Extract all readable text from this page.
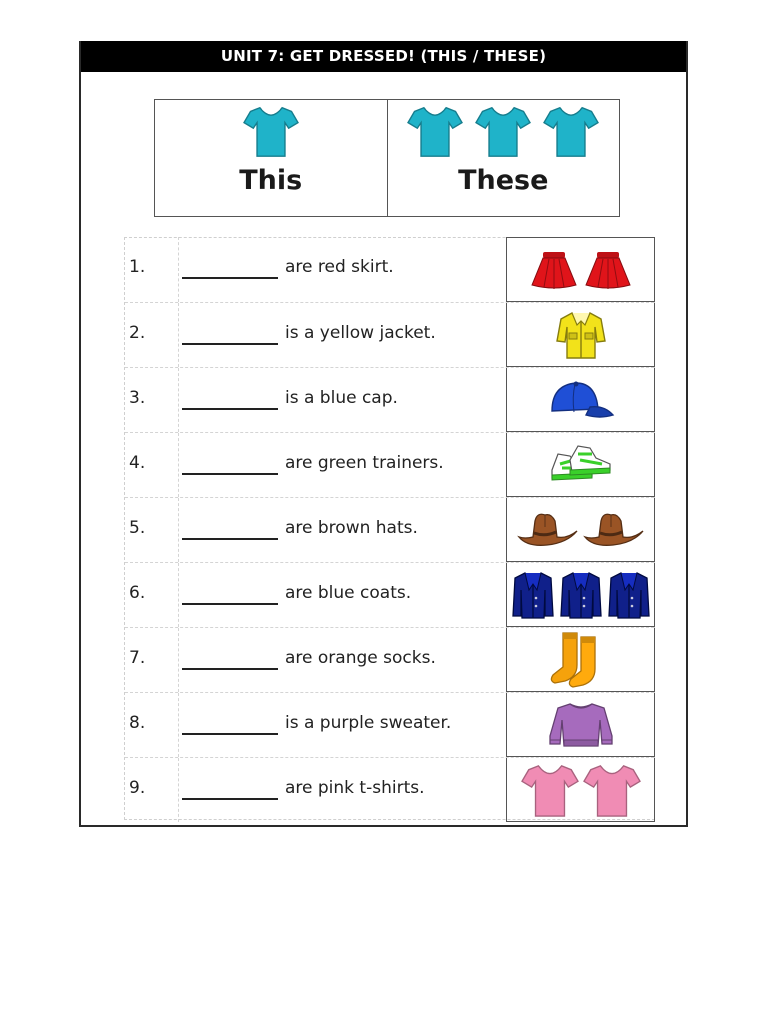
UNIT 7: GET DRESSED! (THIS / THESE)
This	These
1.	are red skirt.
2.	is a yellow jacket.
3.	is a blue cap.
4.	are green trainers.
5.	are brown hats.
6.	are blue coats.
7.	are orange socks.
8.	is a purple sweater.
9.	are pink t-shirts.
